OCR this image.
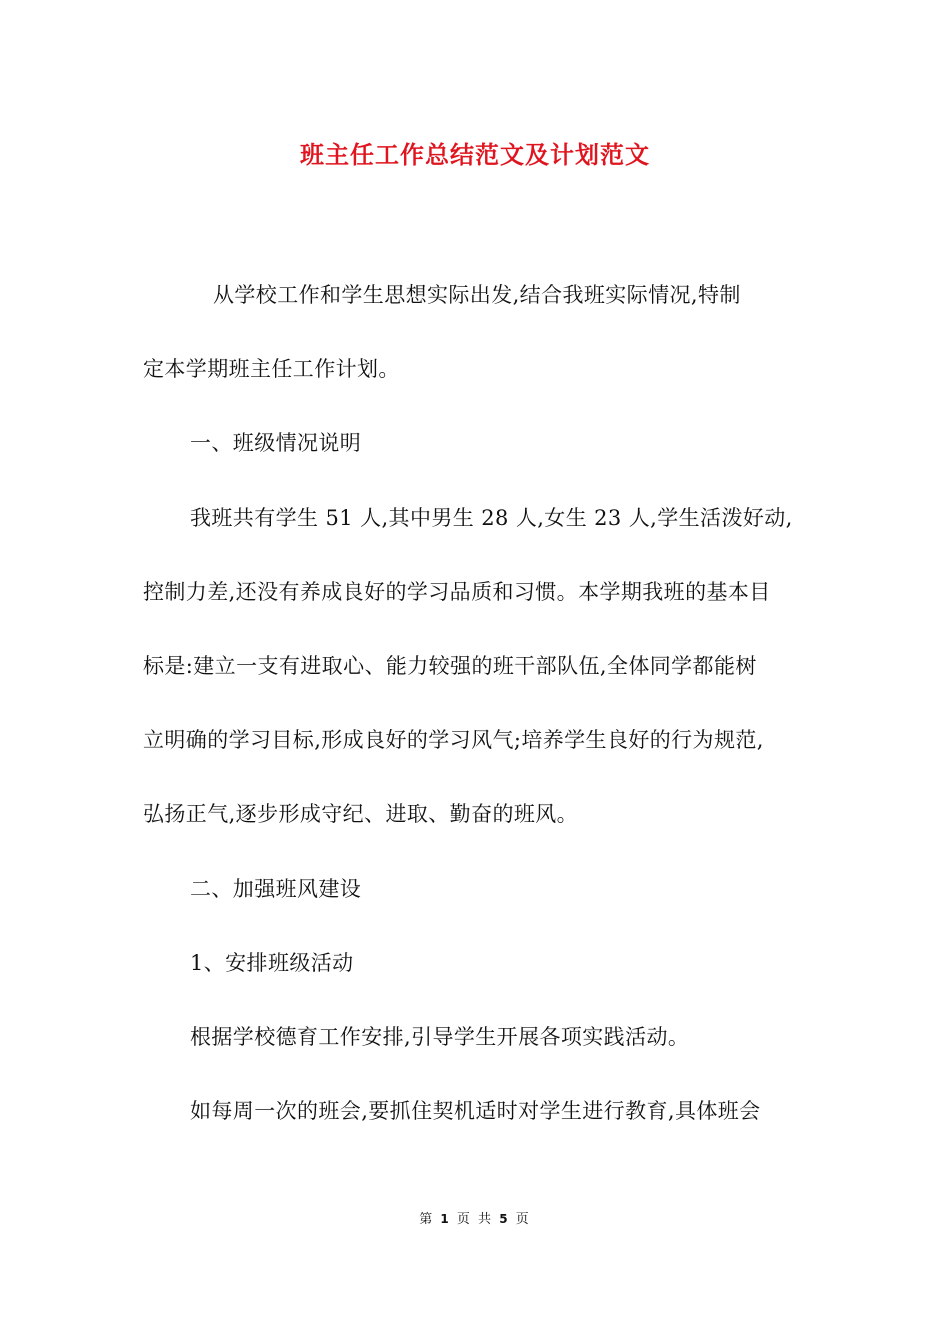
班主任工作总结范文及计划范文
从学校工作和学生思想实际出发,结合我班实际情况,特制
定本学期班主任工作计划。
一、班级情况说明
我班共有学生 51 人,其中男生 28 人,女生 23 人,学生活泼好动,
控制力差,还没有养成良好的学习品质和习惯。本学期我班的基本目
标是:建立一支有进取心、能力较强的班干部队伍,全体同学都能树
立明确的学习目标,形成良好的学习风气;培养学生良好的行为规范,
弘扬正气,逐步形成守纪、进取、勤奋的班风。
二、加强班风建设
1、安排班级活动
根据学校德育工作安排,引导学生开展各项实践活动。
如每周一次的班会,要抓住契机适时对学生进行教育,具体班会
第 1 页 共 5 页
